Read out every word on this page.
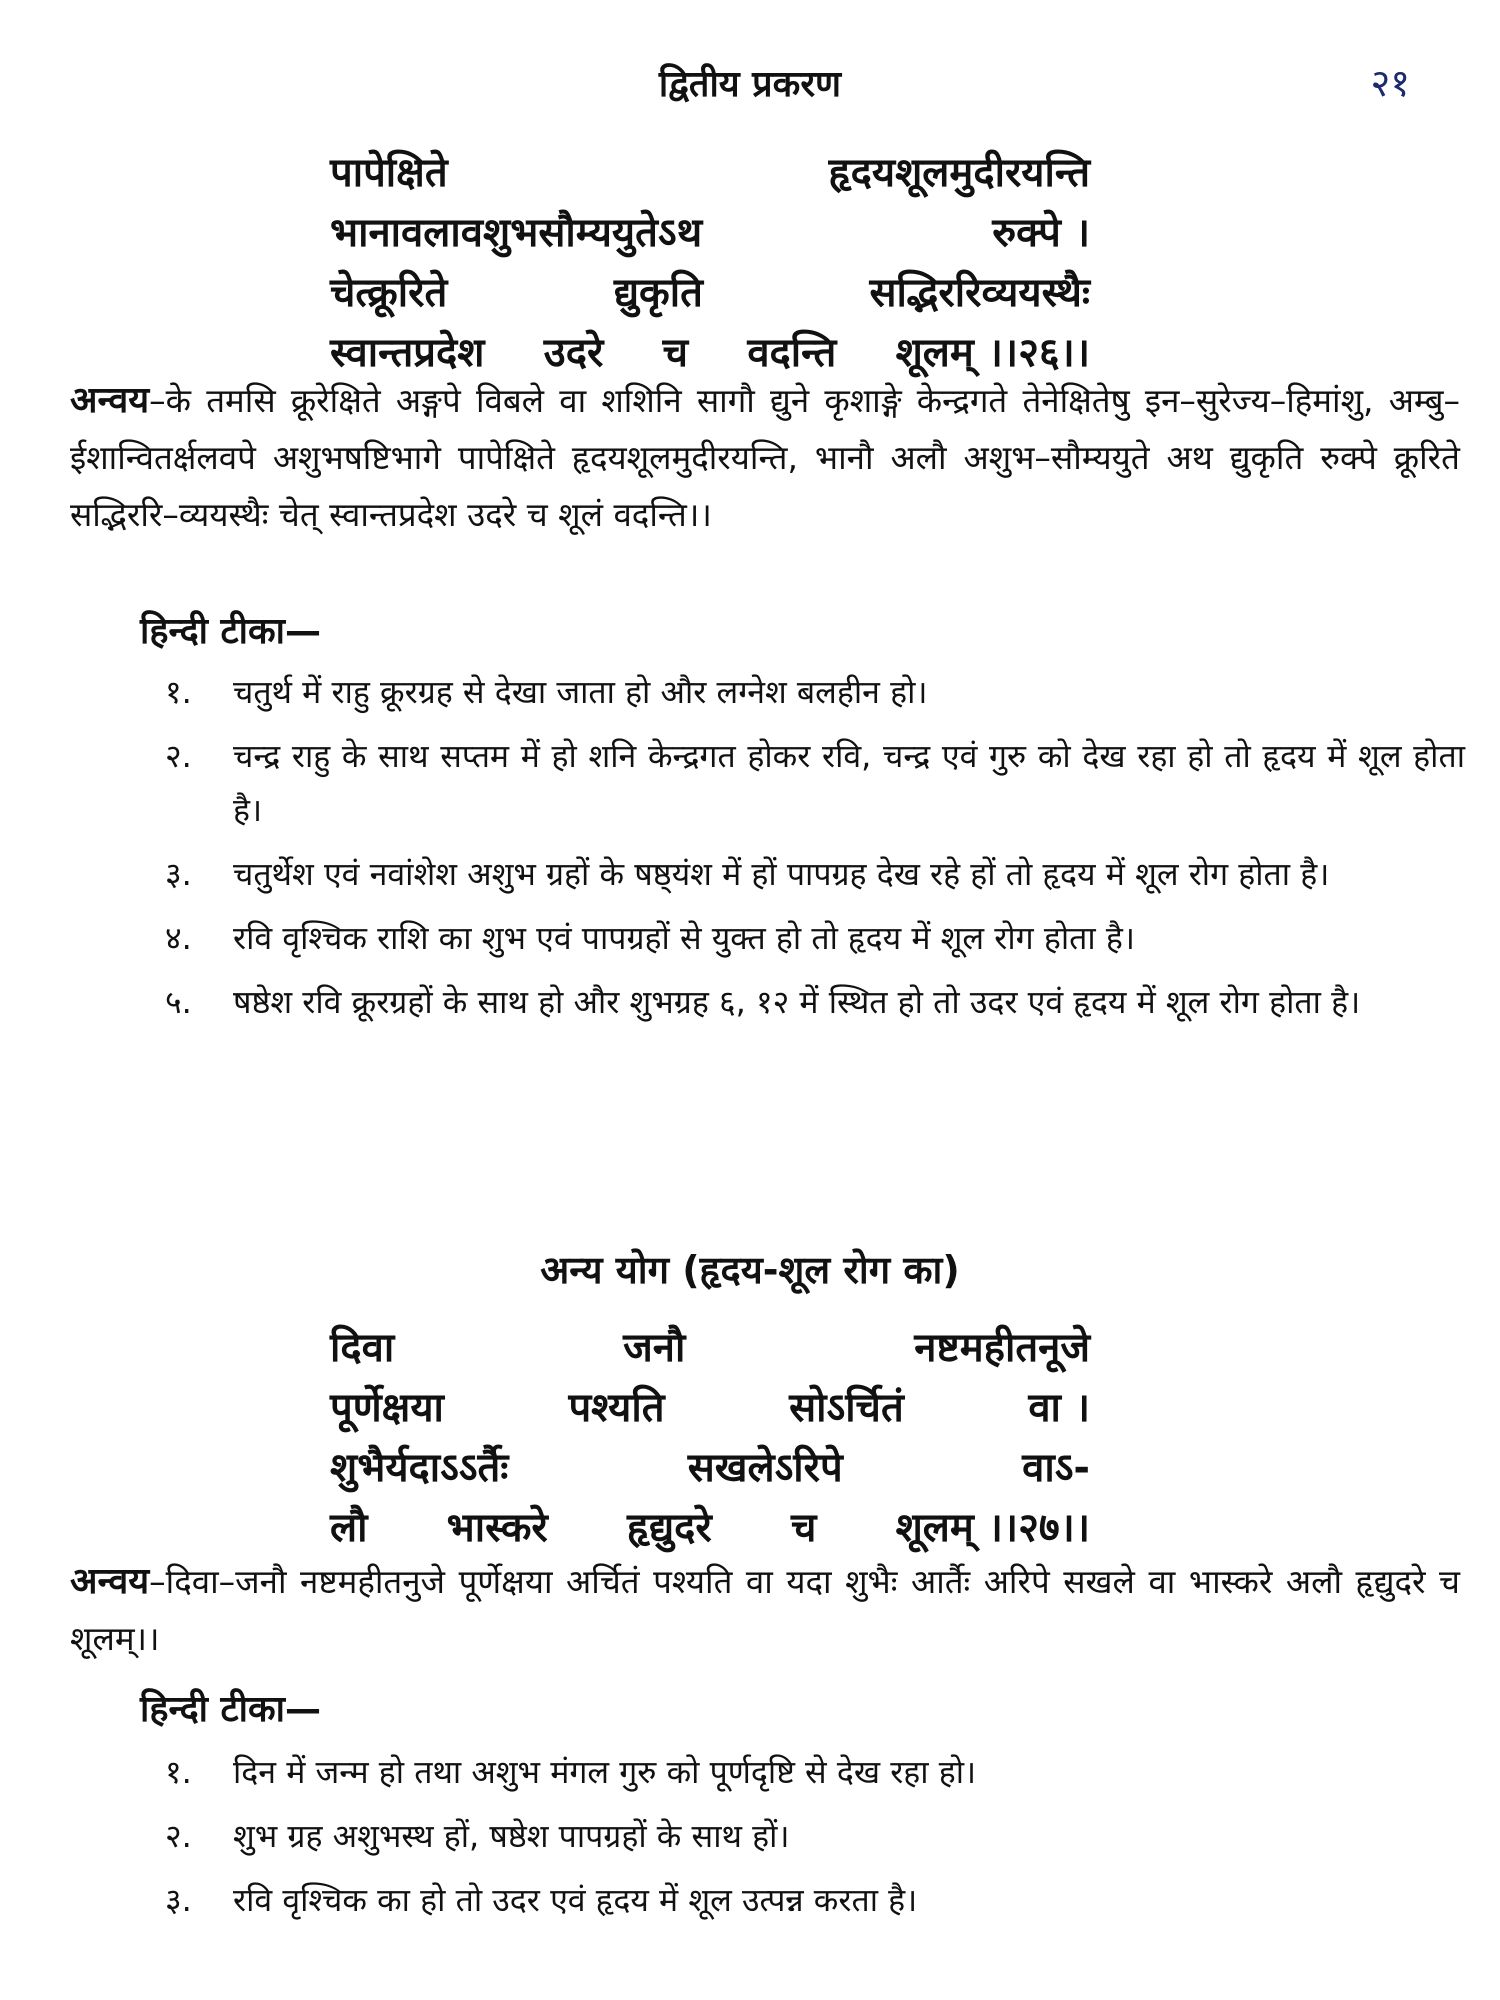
द्वितीय प्रकरण	२१
पापेक्षिते	हृदयशूलमुदीरयन्ति
भानावलावशुभसौम्ययुतेऽथ	रुक्पे ।
चेत्क्रूरिते	द्युकृति	सद्भिररिव्ययस्थैः
स्वान्तप्रदेश उदरे च वदन्ति शूलम् ।।२६।।
अन्वय–के तमसि क्रूरेक्षिते अङ्गपे विबले वा शशिनि सागौ द्युने कृशाङ्गे केन्द्रगते तेनेक्षितेषु इन–सुरेज्य–हिमांशु, अम्बु–ईशान्वितर्क्षलवपे अशुभषष्टिभागे पापेक्षिते हृदयशूलमुदीरयन्ति, भानौ अलौ अशुभ–सौम्ययुते अथ द्युकृति रुक्पे क्रूरिते सद्भिररि–व्ययस्थैः चेत् स्वान्तप्रदेश उदरे च शूलं वदन्ति।।
हिन्दी टीका—
१.	चतुर्थ में राहु क्रूरग्रह से देखा जाता हो और लग्नेश बलहीन हो।
२.	चन्द्र राहु के साथ सप्तम में हो शनि केन्द्रगत होकर रवि, चन्द्र एवं गुरु को देख रहा हो तो हृदय में शूल होता है।
३.	चतुर्थेश एवं नवांशेश अशुभ ग्रहों के षष्ठ्यंश में हों पापग्रह देख रहे हों तो हृदय में शूल रोग होता है।
४.	रवि वृश्चिक राशि का शुभ एवं पापग्रहों से युक्त हो तो हृदय में शूल रोग होता है।
५.	षष्ठेश रवि क्रूरग्रहों के साथ हो और शुभग्रह ६, १२ में स्थित हो तो उदर एवं हृदय में शूल रोग होता है।
अन्य योग (हृदय-शूल रोग का)
दिवा	जनौ	नष्टमहीतनूजे
पूर्णेक्षया	पश्यति	सोऽर्चितं	वा ।
शुभैर्यदाऽऽर्तैः	सखलेऽरिपे	वाऽ-
लौ भास्करे हृद्युदरे च शूलम् ।।२७।।
अन्वय–दिवा–जनौ नष्टमहीतनुजे पूर्णेक्षया अर्चितं पश्यति वा यदा शुभैः आर्तैः अरिपे सखले वा भास्करे अलौ हृद्युदरे च शूलम्।।
हिन्दी टीका—
१.	दिन में जन्म हो तथा अशुभ मंगल गुरु को पूर्णदृष्टि से देख रहा हो।
२.	शुभ ग्रह अशुभस्थ हों, षष्ठेश पापग्रहों के साथ हों।
३.	रवि वृश्चिक का हो तो उदर एवं हृदय में शूल उत्पन्न करता है।
